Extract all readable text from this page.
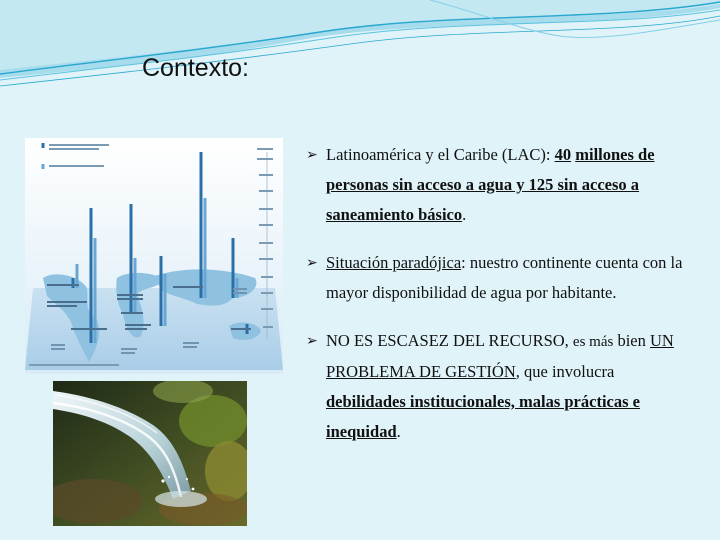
Contexto:
➢ Latinoamérica y el Caribe (LAC): 40 millones de personas sin acceso a agua y 125 sin acceso a saneamiento básico.
➢ Situación paradójica: nuestro continente cuenta con la mayor disponibilidad de agua por habitante.
➢ NO ES ESCASEZ DEL RECURSO, es más bien UN PROBLEMA DE GESTIÓN, que involucra debilidades institucionales, malas prácticas e inequidad.
